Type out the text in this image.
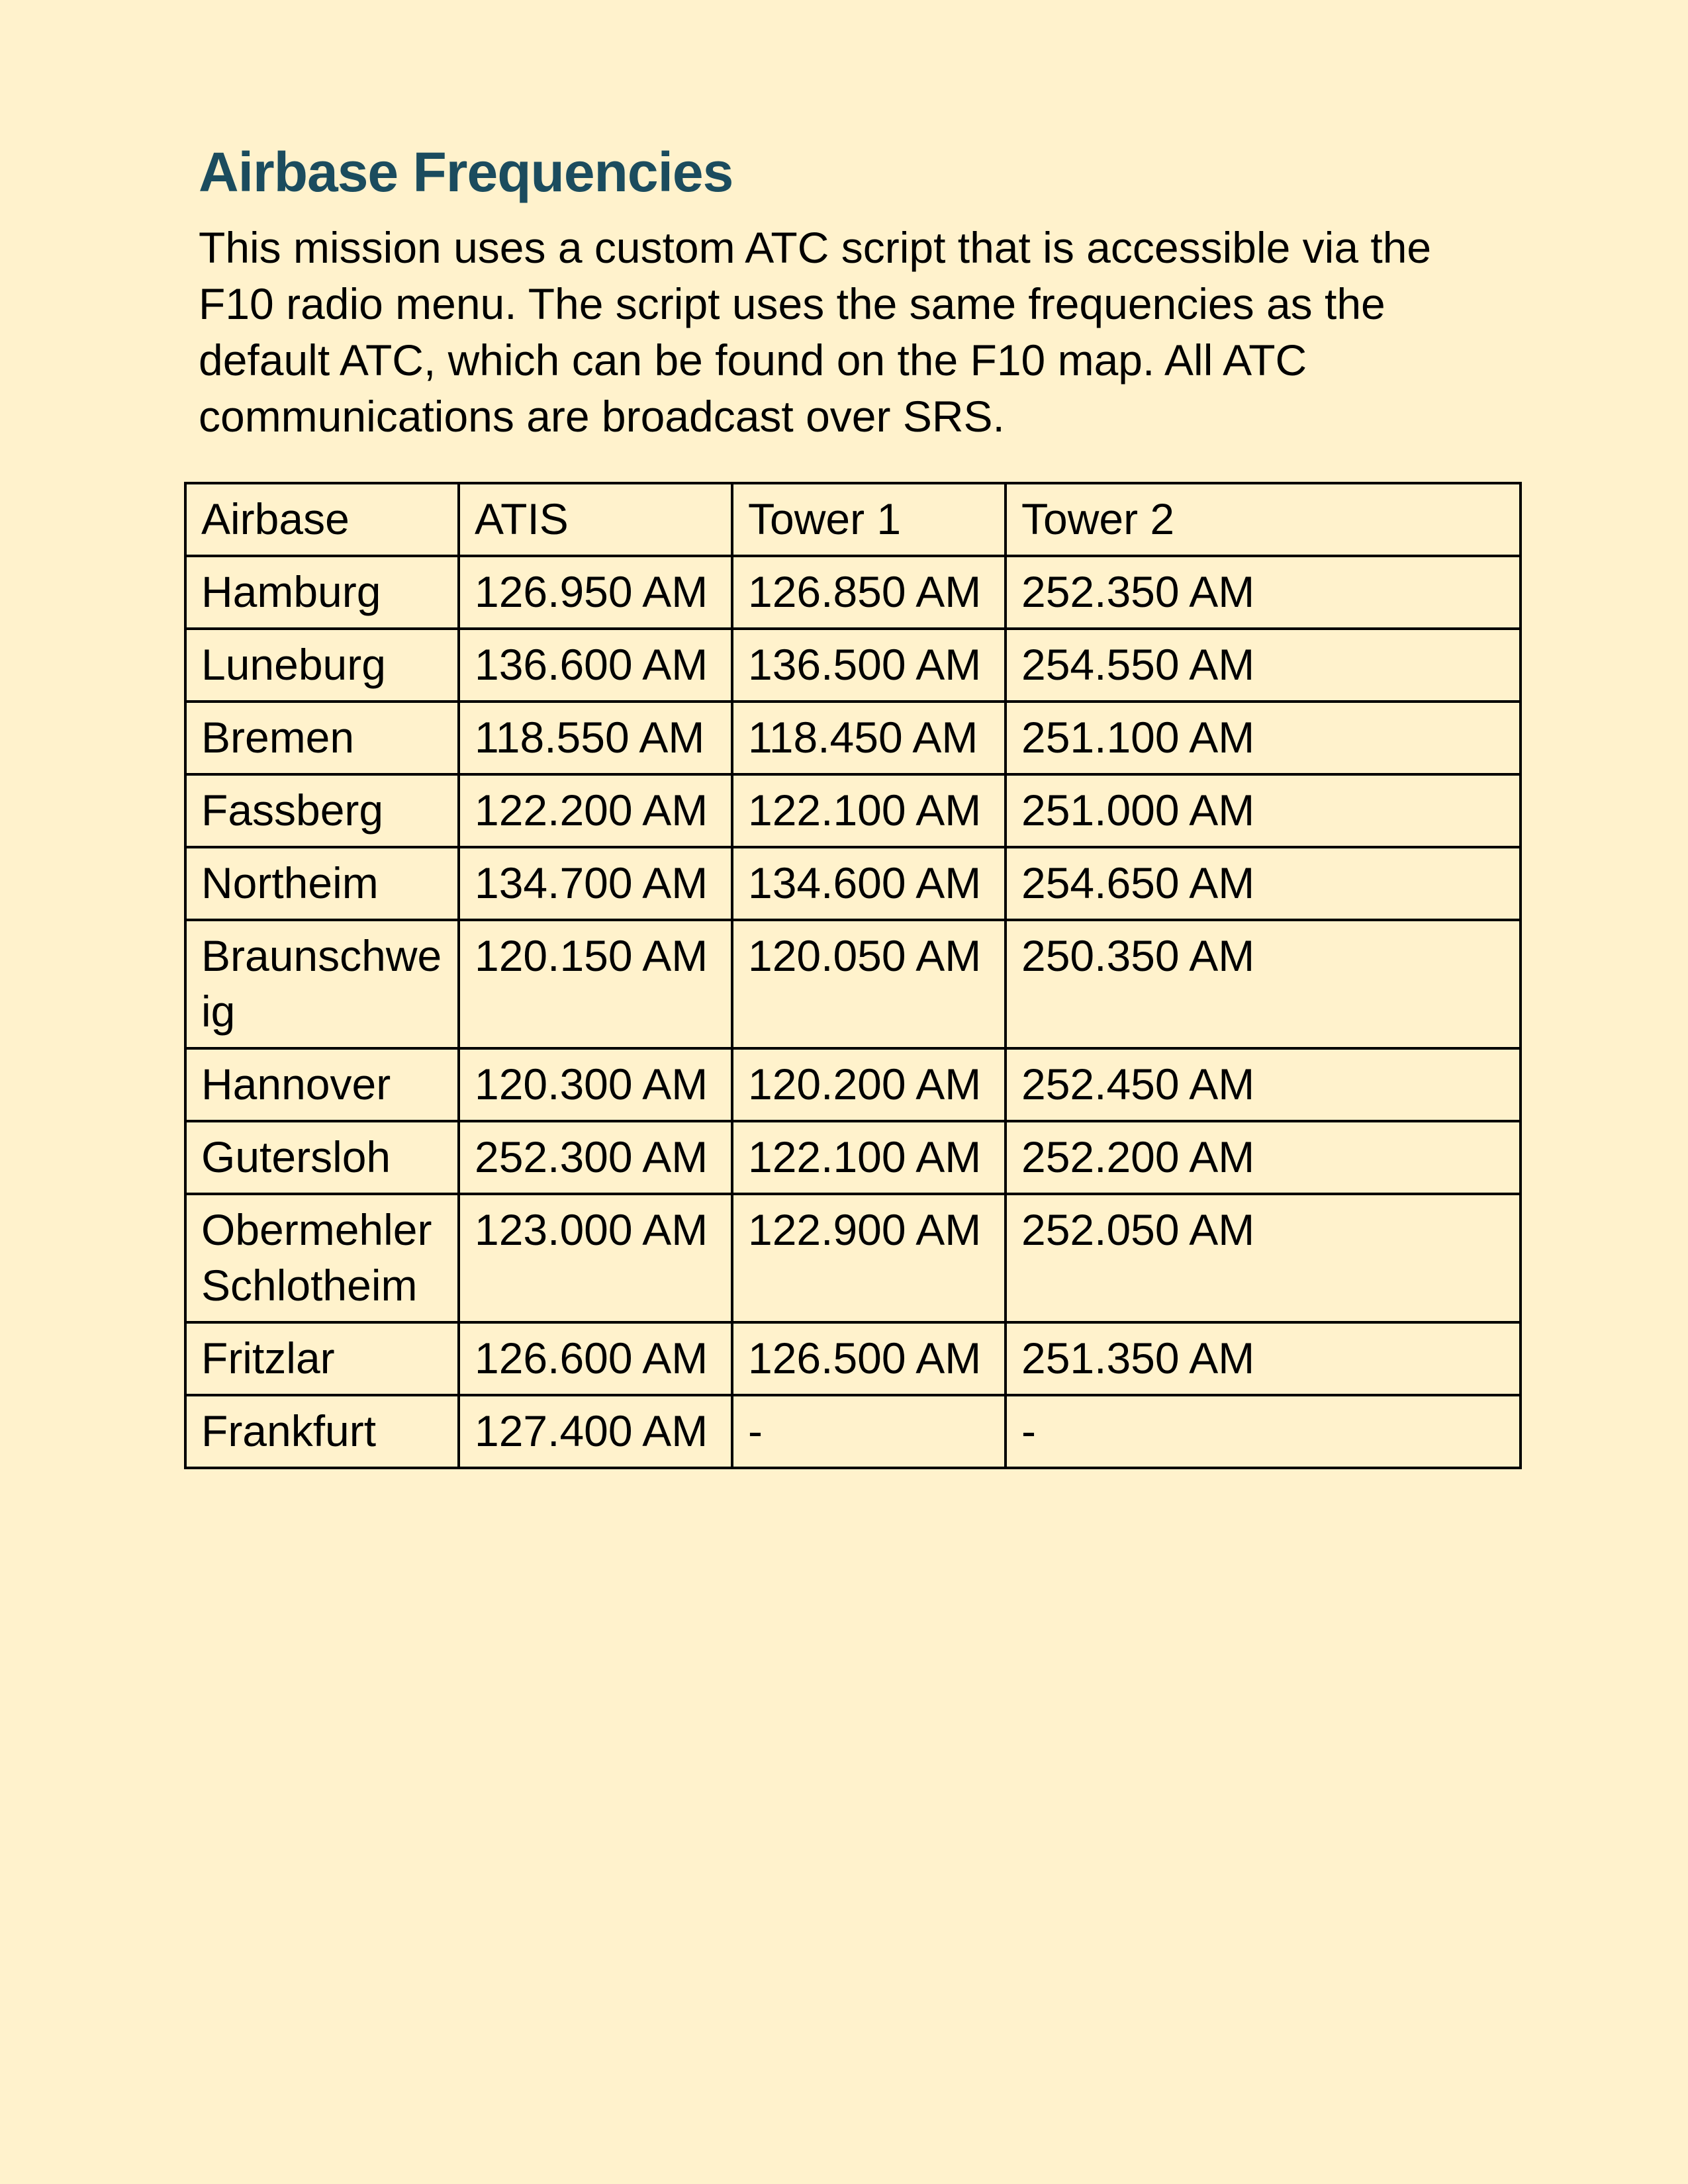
Airbase Frequencies

This mission uses a custom ATC script that is accessible via the F10 radio menu. The script uses the same frequencies as the default ATC, which can be found on the F10 map. All ATC communications are broadcast over SRS.

Airbase	ATIS	Tower 1	Tower 2
Hamburg	126.950 AM	126.850 AM	252.350 AM
Luneburg	136.600 AM	136.500 AM	254.550 AM
Bremen	118.550 AM	118.450 AM	251.100 AM
Fassberg	122.200 AM	122.100 AM	251.000 AM
Northeim	134.700 AM	134.600 AM	254.650 AM
Braunschweig	120.150 AM	120.050 AM	250.350 AM
Hannover	120.300 AM	120.200 AM	252.450 AM
Gutersloh	252.300 AM	122.100 AM	252.200 AM
Obermehler Schlotheim	123.000 AM	122.900 AM	252.050 AM
Fritzlar	126.600 AM	126.500 AM	251.350 AM
Frankfurt	127.400 AM	-	-
